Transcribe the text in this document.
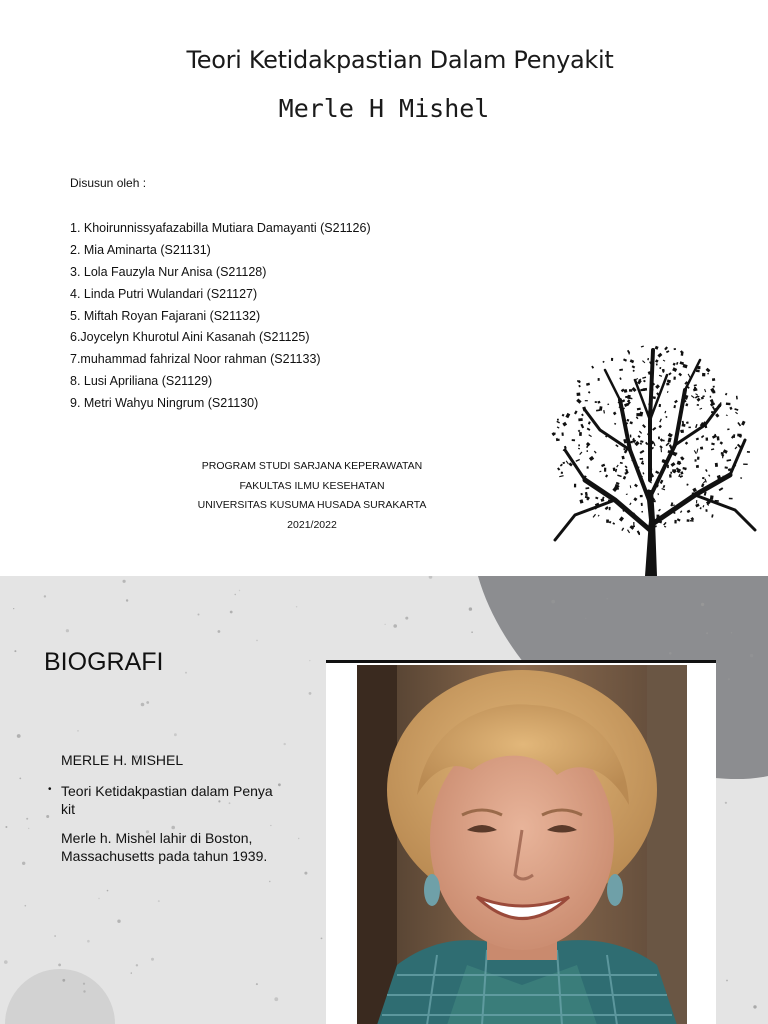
Teori Ketidakpastian Dalam Penyakit
Merle H Mishel
Disusun oleh :
1. Khoirunnissyafazabilla Mutiara Damayanti (S21126)
2. Mia Aminarta (S21131)
3. Lola Fauzyla Nur Anisa (S21128)
4. Linda Putri Wulandari (S21127)
5. Miftah Royan Fajarani (S21132)
6.Joycelyn Khurotul Aini Kasanah (S21125)
7.muhammad fahrizal Noor rahman (S21133)
8. Lusi Apriliana (S21129)
9. Metri Wahyu Ningrum (S21130)
PROGRAM STUDI SARJANA KEPERAWATAN
FAKULTAS ILMU KESEHATAN
UNIVERSITAS KUSUMA HUSADA SURAKARTA
2021/2022
BIOGRAFI
MERLE H. MISHEL
• Teori Ketidakpastian dalam Penya
kit
Merle h. Mishel lahir di Boston,
Massachusetts pada tahun 1939.
